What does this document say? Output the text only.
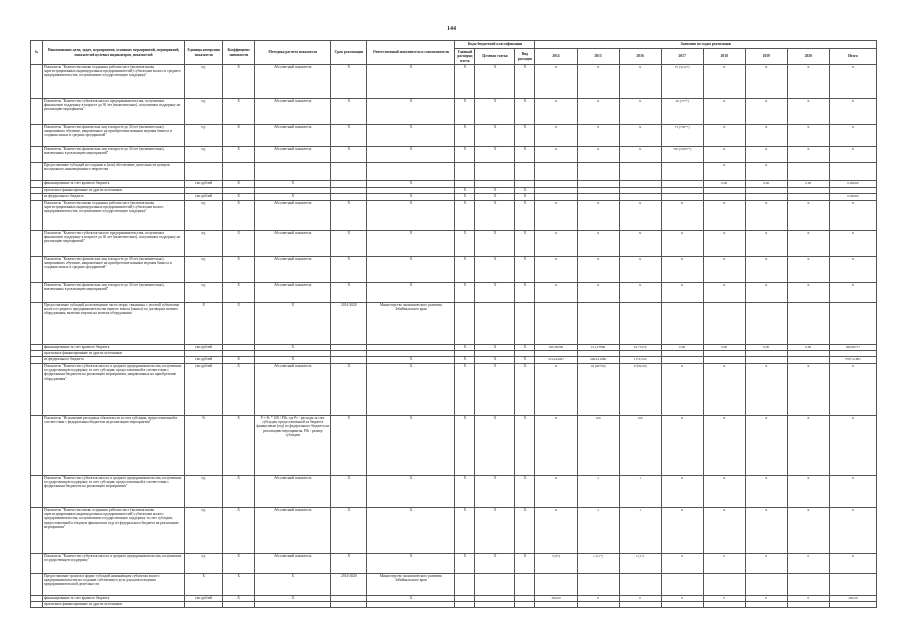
144
№	Наименование цели, задач, мероприятия, основных мероприятий, мероприятий, показателей целевых индикаторов, показателей	Единица измерения показателя	Коэффициент значимости	Методика расчета показателя	Срок реализации	Ответственный исполнитель и соисполнители	Коды бюджетной классификации			Значения по годам реализации							
							Главный распорядитель	Целевая статья	Вид расходов	2014	2015	2016	2017	2018	2019	2020	Итого
	Показатель "Количество вновь созданных рабочих мест (включая вновь зарегистрированных индивидуальных предпринимателей) субъектами малого и среднего предпринимательства, получившими государственную поддержку"	ед.	X	Абсолютный показатель	X	X	X	X	X	X	X	X	75 (3112*)	X	X	X	X
	Показатель "Количество субъектов малого предпринимательства, получивших финансовую поддержку в возрасте до 30 лет (включительно), получивших поддержку на реализацию мероприятия"	ед.	X	Абсолютный показатель	X	X	X	X	X	X	X	X	20 (75**)	X	X	X	X
	Показатель "Количество физических лиц в возрасте до 30 лет (включительно), завершивших обучение, направленное на приобретение навыков ведения бизнеса и создания малых и средних предприятий"	ед.	X	Абсолютный показатель	X	X	X	X	X	X	X	X	75 (750**)	X	X	X	X
	Показатель "Количество физических лиц в возрасте до 30 лет (включительно), вовлеченных в реализацию мероприятий"	ед.	X	Абсолютный показатель	X	X	X	X	X	X	X	X	750 (1650**)	X	X	X	X
	Предоставление субсидий на создание и (или) обеспечение деятельности центров молодежного инновационного творчества													X	X		
	финансирование за счет краевого бюджета	тыс.рублей	X	X		X								0,00	0,00	0,00	0,00000
	прогнозное финансирование из других источников						X	X	X								
	из федерального бюджета	тыс.рублей	X	X		X	X	X	X								0,00000
	Показатель "Количество вновь созданных рабочих мест (включая вновь зарегистрированных индивидуальных предпринимателей) субъектами малого предпринимательства, получившими государственную поддержку"	ед.	X	Абсолютный показатель	X	X	X	X	X	X	X	X	X	X	X	X	X
	Показатель "Количество субъектов малого предпринимательства, получивших финансовую поддержку в возрасте до 30 лет (включительно), получивших поддержку на реализацию мероприятий"	ед.	X	Абсолютный показатель	X	X	X	X	X	X	X	X	X	X	X	X	X
	Показатель "Количество физических лиц в возрасте до 30 лет (включительно), завершивших обучение, направленное на приобретение навыков ведения бизнеса и создания малых и средних предприятий"	ед.	X	Абсолютный показатель	X	X	X	X	X	X	X	X	X	X	X	X	X
	Показатель "Количество физических лиц в возрасте до 30 лет (включительно), вовлеченных в реализацию мероприятий"	ед.	X	Абсолютный показатель	X	X	X	X	X	X	X	X	X	X	X	X	X
	Предоставление субсидий на возмещение части затрат, связанных с уплатой субъектами малого и среднего предпринимательства первого взноса (аванса) по договорам лизинга оборудования, включая затраты на монтаж оборудования	X	X	X	2014-2020	Министерство экономического развития Забайкальского края											
	финансирование за счет краевого бюджета	тыс.рублей		X			X	X	X	300,00000	141,27869	61,71270	0,00	0,00	0,00	0,00	566,99717
	прогнозное финансирование из других источников																
	из федерального бюджета	тыс.рублей	X	X		X	X	X	X	5154,42947	2064,21960	1172,543					5787,21867
	Показатель "Количество субъектов малого и среднего предпринимательства, получивших государственную поддержку за счет субсидии, предоставленной в соответствии с федеральным бюджетом на реализацию мероприятия, направленных на приобретение оборудования"	тыс.рублей	X	Абсолютный показатель	X	X	X	X	X	X	16 (49*00)	37(59,00)	X	X	X	X	X
	Показатель "Исполнение расходных обязательств за счет субсидии, предоставленной в соответствии с федеральным бюджетом на реализацию мероприятия"	%	X	P = Pc * 100 / Pfb, где Pc - расходы за счет субсидии, предоставленной из бюджета финансовым (год) из федерального бюджета на реализацию мероприятия, Pfb - размер субсидии	X	X	X	X	X	X	100	100	X	X	X	X	X
	Показатель "Количество субъектов малого и среднего предпринимательства, получивших государственную поддержку за счет субсидии, предоставленной в соответствии с федеральным бюджетом на реализацию мероприятия"	ед.	X	Абсолютный показатель	X	X	X	X	X	X	2	1	X	X	X	X	X
	Показатель "Количество вновь созданных рабочих мест (включая вновь зарегистрированных индивидуальных предпринимателей) субъектами малого предпринимательства, получившими государственную поддержку за счет субсидии, предоставленной в текущем финансовом году из федерального бюджета на реализацию мероприятия"	ед.	X	Абсолютный показатель	X	X	X	X	X	X	2	1	X	X	X	X	X
	Показатель "Количество субъектов малого и среднего предпринимательства, получивших государственную поддержку"	ед.	X	Абсолютный показатель	X	X	X	X	X	3 (6*)	1 (11*)	1 (1*)	0	0	0	0	X
	Предоставление грантов в форме субсидий начинающим субъектам малого предпринимательства на создание собственного дела для начала ведения предпринимательской деятельности	X	X	X	2014-2020	Министерство экономического развития Забайкальского края											
	финансирование за счет краевого бюджета	тыс.рублей	X	X		X				300,00	0	0	0	0	0	0	300,00
	прогнозное финансирование из других источников																
